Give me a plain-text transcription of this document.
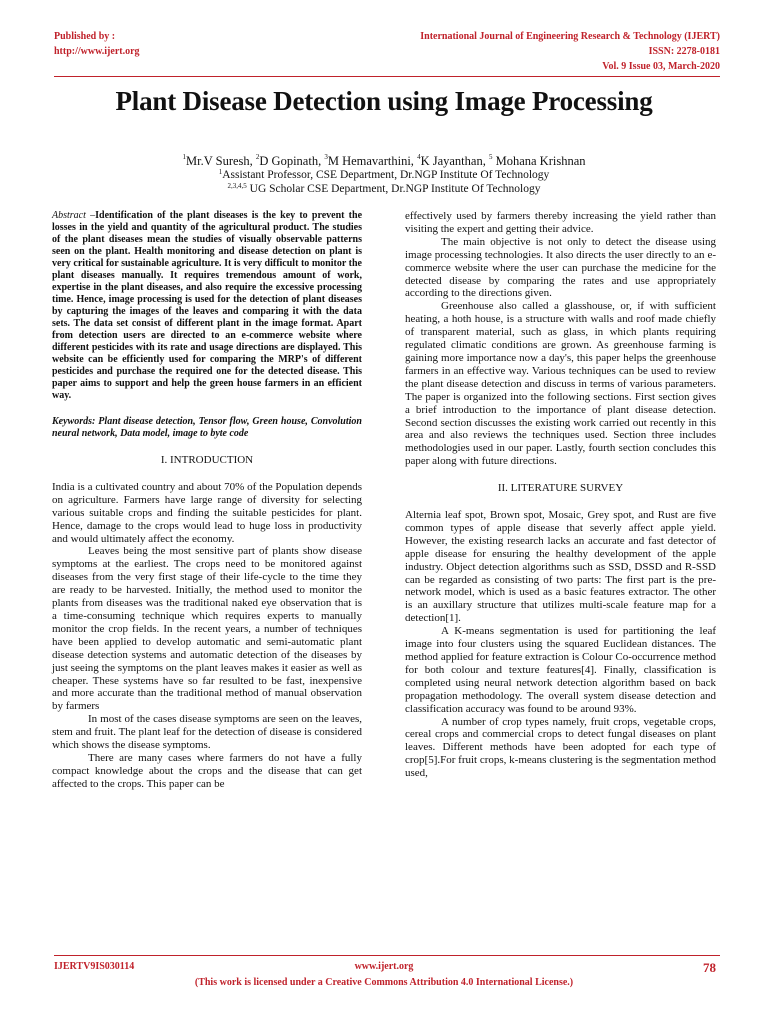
Published by :
http://www.ijert.org
International Journal of Engineering Research & Technology (IJERT)
ISSN: 2278-0181
Vol. 9 Issue 03, March-2020
Plant Disease Detection using Image Processing
$^1$Mr.V Suresh, $^2$D Gopinath, $^3$M Hemavarthini, $^4$K Jayanthan, $^5$ Mohana Krishnan
$^1$Assistant Professor, CSE Department, Dr.NGP Institute Of Technology
$^{2,3,4,5}$ UG Scholar CSE Department, Dr.NGP Institute Of Technology

Abstract –Identification of the plant diseases is the key to prevent the losses in the yield and quantity of the agricultural product. The studies of the plant diseases mean the studies of visually observable patterns seen on the plant. Health monitoring and disease detection on plant is very critical for sustainable agriculture. It is very difficult to monitor the plant diseases manually. It requires tremendous amount of work, expertise in the plant diseases, and also require the excessive processing time. Hence, image processing is used for the detection of plant diseases by capturing the images of the leaves and comparing it with the data sets. The data set consist of different plant in the image format. Apart from detection users are directed to an e-commerce website where different pesticides with its rate and usage directions are displayed. This website can be efficiently used for comparing the MRP's of different pesticides and purchase the required one for the detected disease. This paper aims to support and help the green house farmers in an efficient way.

Keywords: Plant disease detection, Tensor flow, Green house, Convolution neural network, Data model, image to byte code

I. INTRODUCTION

India is a cultivated country and about 70% of the Population depends on agriculture. Farmers have large range of diversity for selecting various suitable crops and finding the suitable pesticides for plant. Hence, damage to the crops would lead to huge loss in productivity and would ultimately affect the economy.

Leaves being the most sensitive part of plants show disease symptoms at the earliest. The crops need to be monitored against diseases from the very first stage of their life-cycle to the time they are ready to be harvested. Initially, the method used to monitor the plants from diseases was the traditional naked eye observation that is a time-consuming technique which requires experts to manually monitor the crop fields. In the recent years, a number of techniques have been applied to develop automatic and semi-automatic plant disease detection systems and automatic detection of the diseases by just seeing the symptoms on the plant leaves makes it easier as well as cheaper. These systems have so far resulted to be fast, inexpensive and more accurate than the traditional method of manual observation by farmers

In most of the cases disease symptoms are seen on the leaves, stem and fruit. The plant leaf for the detection of disease is considered which shows the disease symptoms.

There are many cases where farmers do not have a fully compact knowledge about the crops and the disease that can get affected to the crops. This paper can be

effectively used by farmers thereby increasing the yield rather than visiting the expert and getting their advice.

The main objective is not only to detect the disease using image processing technologies. It also directs the user directly to an e-commerce website where the user can purchase the medicine for the detected disease by comparing the rates and use appropriately according to the directions given.

Greenhouse also called a glasshouse, or, if with sufficient heating, a hoth house, is a structure with walls and roof made chiefly of transparent material, such as glass, in which plants requiring regulated climatic conditions are grown. As greenhouse farming is gaining more importance now a day's, this paper helps the greenhouse farmers in an effective way. Various techniques can be used to review the plant disease detection and discuss in terms of various parameters. The paper is organized into the following sections. First section gives a brief introduction to the importance of plant disease detection. Second section discusses the existing work carried out recently in this area and also reviews the techniques used. Section three includes methodologies used in our paper. Lastly, fourth section concludes this paper along with future directions.

II. LITERATURE SURVEY

Alternia leaf spot, Brown spot, Mosaic, Grey spot, and Rust are five common types of apple disease that severly affect apple yield. However, the existing research lacks an accurate and fast detector of apple disease for ensuring the healthy development of the apple industry. Object detection algorithms such as SSD, DSSD and R-SSD can be regarded as consisting of two parts: The first part is the pre-network model, which is used as a basic features extractor. The other is an auxillary structure that utilizes multi-scale feature map for a detection[1].

A K-means segmentation is used for partitioning the leaf image into four clusters using the squared Euclidean distances. The method applied for feature extraction is Colour Co-occurrence method for both colour and texture features[4]. Finally, classification is completed using neural network detection algorithm based on back propagation methodology. The overall system disease detection and classification accuracy was found to be around 93%.

A number of crop types namely, fruit crops, vegetable crops, cereal crops and commercial crops to detect fungal diseases on plant leaves. Different methods have been adopted for each type of crop[5].For fruit crops, k-means clustering is the segmentation method used,

IJERTV9IS030114	www.ijert.org	78
(This work is licensed under a Creative Commons Attribution 4.0 International License.)
